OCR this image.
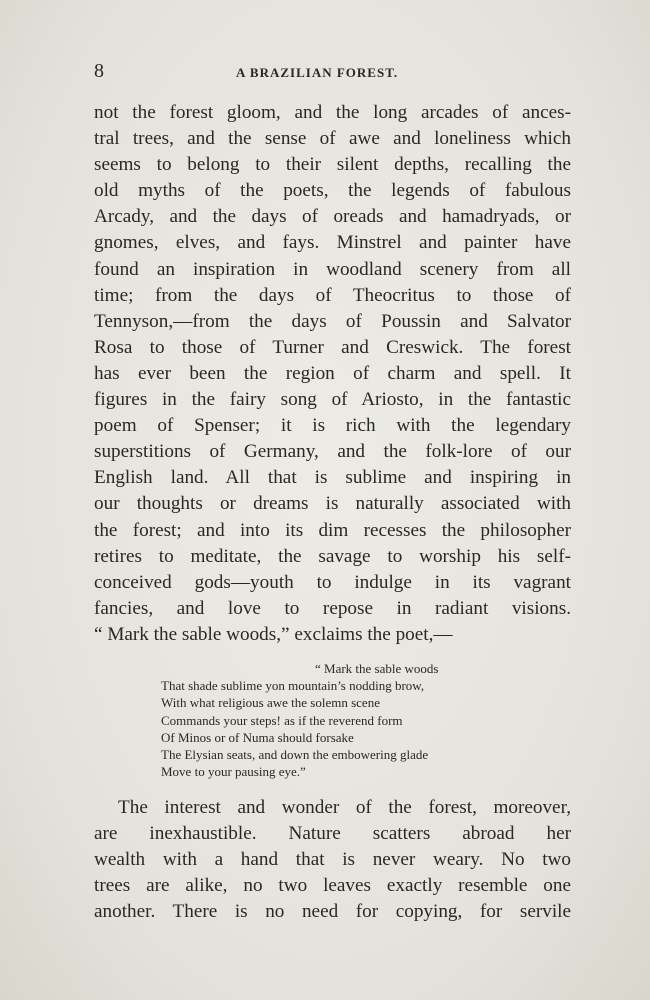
8	A BRAZILIAN FOREST.
not the forest gloom, and the long arcades of ances-
tral trees, and the sense of awe and loneliness which
seems to belong to their silent depths, recalling the
old myths of the poets, the legends of fabulous
Arcady, and the days of oreads and hamadryads, or
gnomes, elves, and fays. Minstrel and painter have
found an inspiration in woodland scenery from all
time; from the days of Theocritus to those of
Tennyson,—from the days of Poussin and Salvator
Rosa to those of Turner and Creswick. The forest
has ever been the region of charm and spell. It
figures in the fairy song of Ariosto, in the fantastic
poem of Spenser; it is rich with the legendary
superstitions of Germany, and the folk-lore of our
English land. All that is sublime and inspiring in
our thoughts or dreams is naturally associated with
the forest; and into its dim recesses the philosopher
retires to meditate, the savage to worship his self-
conceived gods—youth to indulge in its vagrant
fancies, and love to repose in radiant visions.
“ Mark the sable woods,” exclaims the poet,—
“ Mark the sable woods
That shade sublime yon mountain’s nodding brow,
With what religious awe the solemn scene
Commands your steps! as if the reverend form
Of Minos or of Numa should forsake
The Elysian seats, and down the embowering glade
Move to your pausing eye.”
The interest and wonder of the forest, moreover,
are inexhaustible. Nature scatters abroad her
wealth with a hand that is never weary. No two
trees are alike, no two leaves exactly resemble one
another. There is no need for copying, for servile
